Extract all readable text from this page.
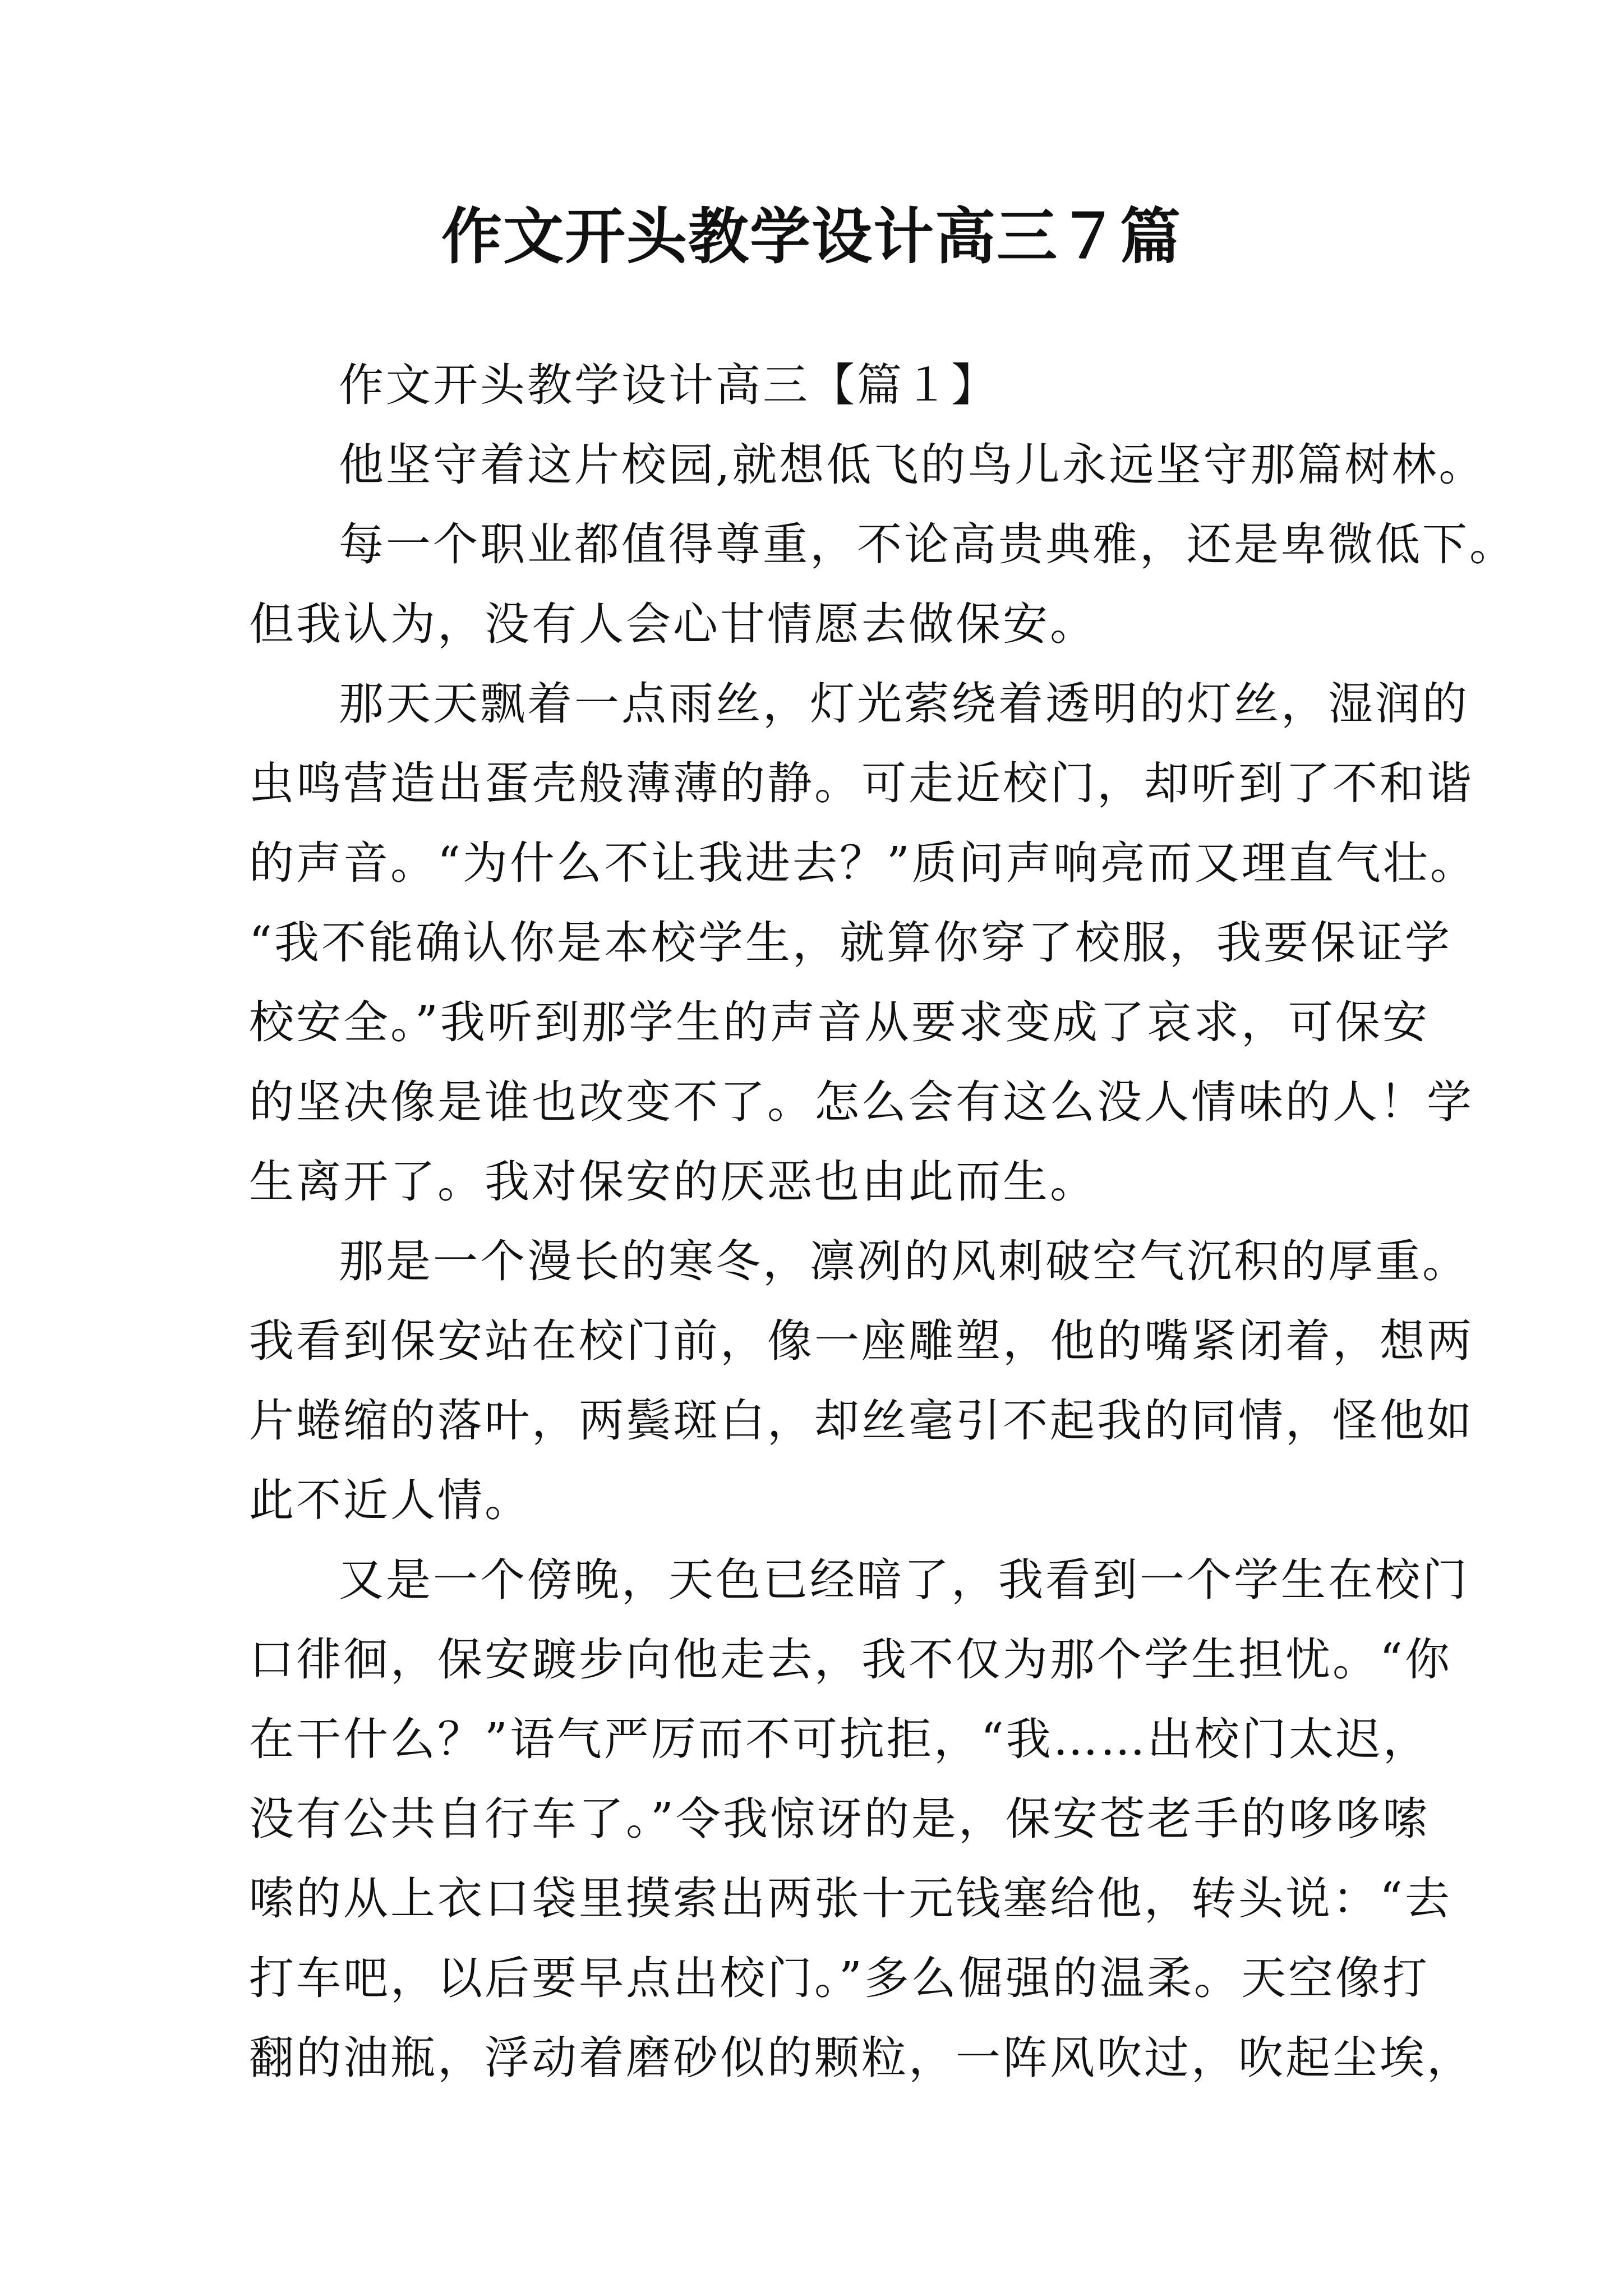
作文开头教学设计高三７篇
作文开头教学设计高三【篇１】
他坚守着这片校园,就想低飞的鸟儿永远坚守那篇树林。
每一个职业都值得尊重，不论高贵典雅，还是卑微低下。
但我认为，没有人会心甘情愿去做保安。
那天天飘着一点雨丝，灯光萦绕着透明的灯丝，湿润的
虫鸣营造出蛋壳般薄薄的静。可走近校门，却听到了不和谐
的声音。“为什么不让我进去？”质问声响亮而又理直气壮。
“我不能确认你是本校学生，就算你穿了校服，我要保证学
校安全。”我听到那学生的声音从要求变成了哀求，可保安
的坚决像是谁也改变不了。怎么会有这么没人情味的人！学
生离开了。我对保安的厌恶也由此而生。
那是一个漫长的寒冬，凛冽的风刺破空气沉积的厚重。
我看到保安站在校门前，像一座雕塑，他的嘴紧闭着，想两
片蜷缩的落叶，两鬓斑白，却丝毫引不起我的同情，怪他如
此不近人情。
又是一个傍晚，天色已经暗了，我看到一个学生在校门
口徘徊，保安踱步向他走去，我不仅为那个学生担忧。“你
在干什么？”语气严厉而不可抗拒，“我……出校门太迟，
没有公共自行车了。”令我惊讶的是，保安苍老手的哆哆嗦
嗦的从上衣口袋里摸索出两张十元钱塞给他，转头说：“去
打车吧，以后要早点出校门。”多么倔强的温柔。天空像打
翻的油瓶，浮动着磨砂似的颗粒，一阵风吹过，吹起尘埃，
